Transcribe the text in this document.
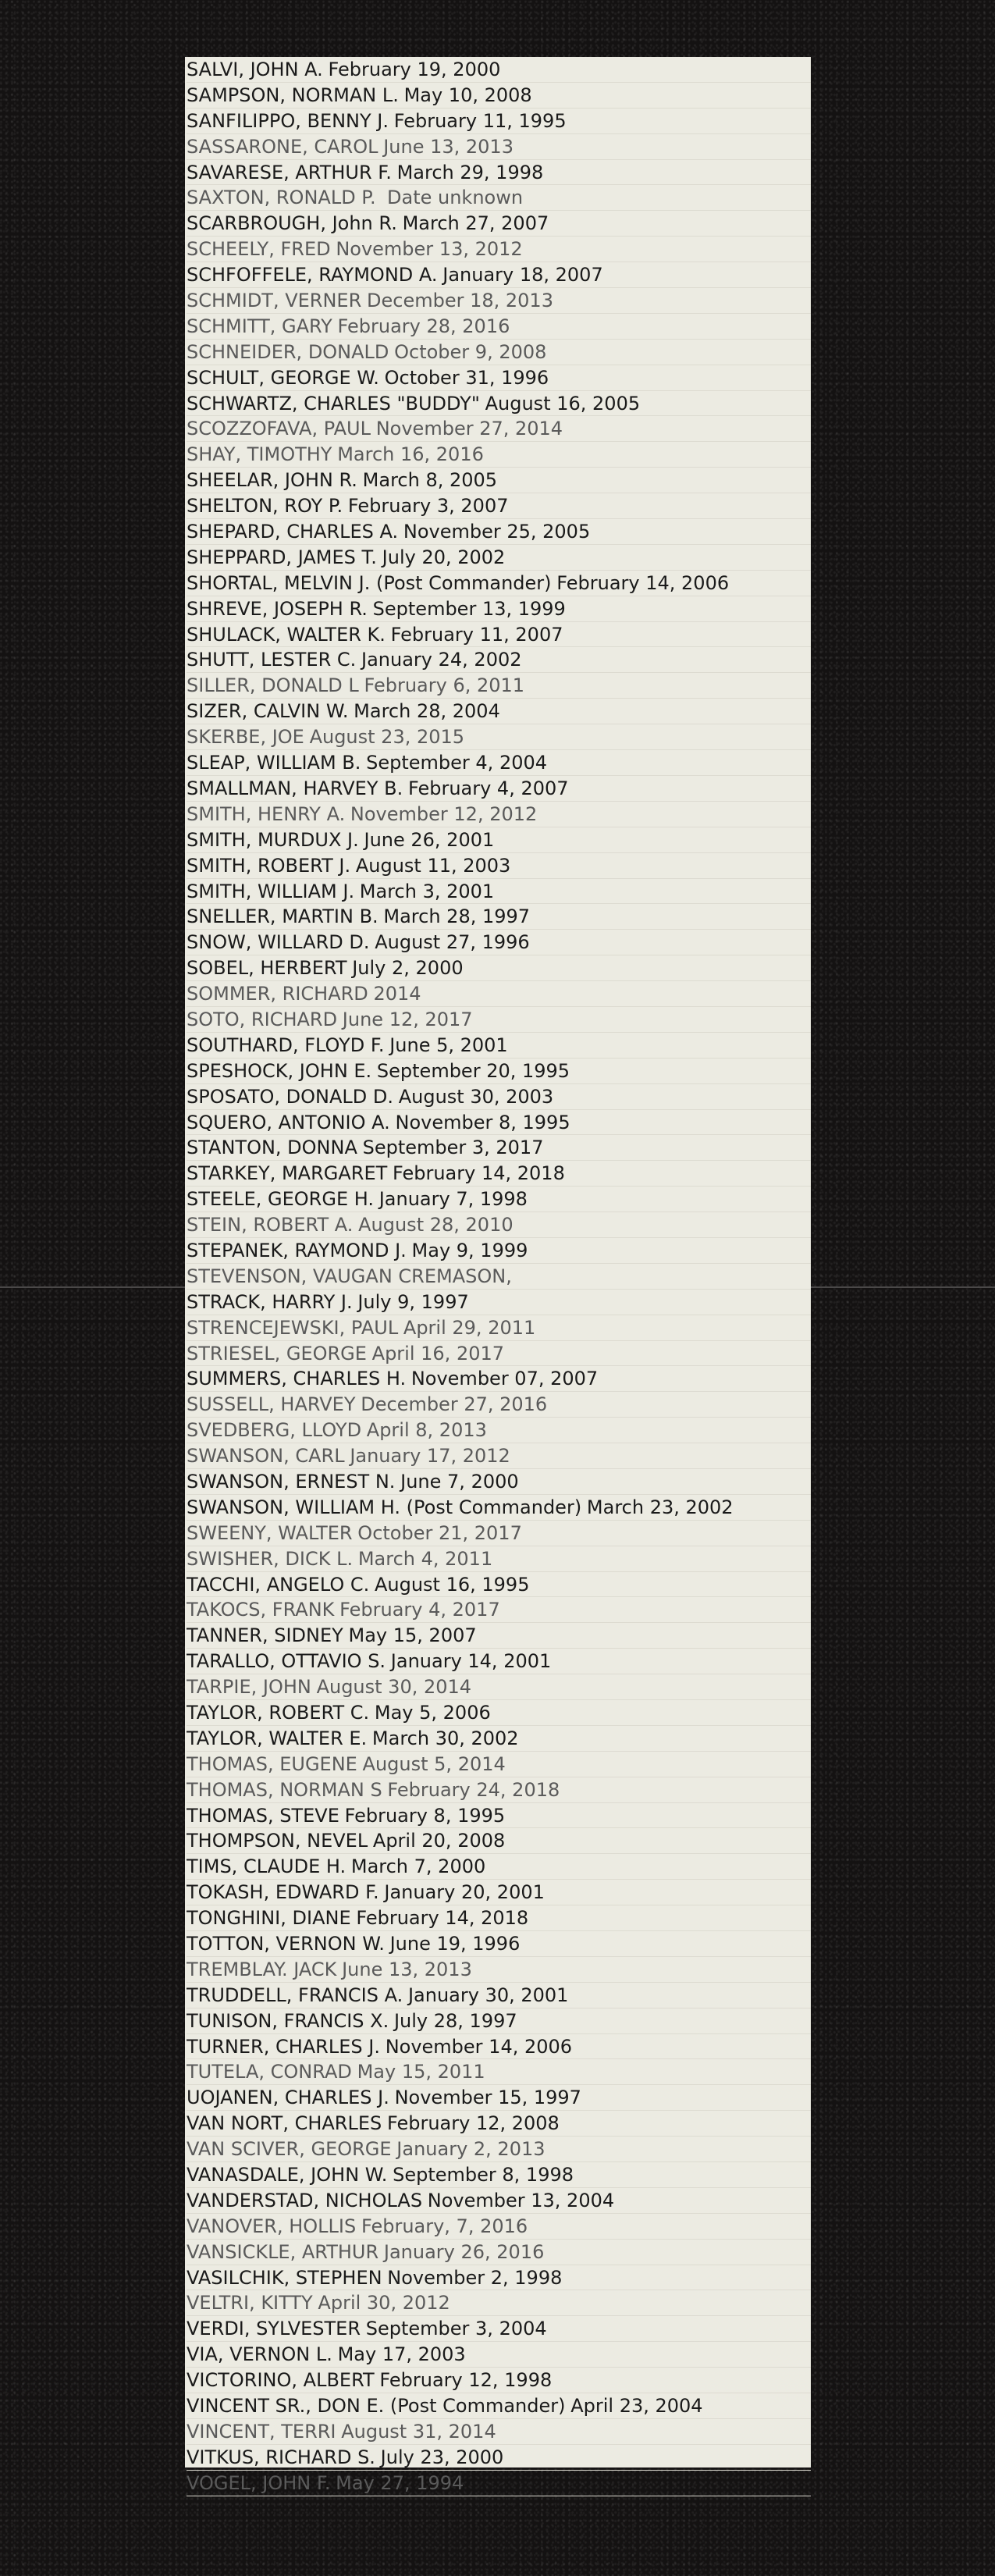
SALVI, JOHN A. February 19, 2000
SAMPSON, NORMAN L. May 10, 2008
SANFILIPPO, BENNY J. February 11, 1995
SASSARONE, CAROL June 13, 2013
SAVARESE, ARTHUR F. March 29, 1998
SAXTON, RONALD P. Date unknown
SCARBROUGH, John R. March 27, 2007
SCHEELY, FRED November 13, 2012
SCHFOFFELE, RAYMOND A. January 18, 2007
SCHMIDT, VERNER December 18, 2013
SCHMITT, GARY February 28, 2016
SCHNEIDER, DONALD October 9, 2008
SCHULT, GEORGE W. October 31, 1996
SCHWARTZ, CHARLES "BUDDY" August 16, 2005
SCOZZOFAVA, PAUL November 27, 2014
SHAY, TIMOTHY March 16, 2016
SHEELAR, JOHN R. March 8, 2005
SHELTON, ROY P. February 3, 2007
SHEPARD, CHARLES A. November 25, 2005
SHEPPARD, JAMES T. July 20, 2002
SHORTAL, MELVIN J. (Post Commander) February 14, 2006
SHREVE, JOSEPH R. September 13, 1999
SHULACK, WALTER K. February 11, 2007
SHUTT, LESTER C. January 24, 2002
SILLER, DONALD L February 6, 2011
SIZER, CALVIN W. March 28, 2004
SKERBE, JOE August 23, 2015
SLEAP, WILLIAM B. September 4, 2004
SMALLMAN, HARVEY B. February 4, 2007
SMITH, HENRY A. November 12, 2012
SMITH, MURDUX J. June 26, 2001
SMITH, ROBERT J. August 11, 2003
SMITH, WILLIAM J. March 3, 2001
SNELLER, MARTIN B. March 28, 1997
SNOW, WILLARD D. August 27, 1996
SOBEL, HERBERT July 2, 2000
SOMMER, RICHARD 2014
SOTO, RICHARD June 12, 2017
SOUTHARD, FLOYD F. June 5, 2001
SPESHOCK, JOHN E. September 20, 1995
SPOSATO, DONALD D. August 30, 2003
SQUERO, ANTONIO A. November 8, 1995
STANTON, DONNA September 3, 2017
STARKEY, MARGARET February 14, 2018
STEELE, GEORGE H. January 7, 1998
STEIN, ROBERT A. August 28, 2010
STEPANEK, RAYMOND J. May 9, 1999
STEVENSON, VAUGAN CREMASON,
STRACK, HARRY J. July 9, 1997
STRENCEJEWSKI, PAUL April 29, 2011
STRIESEL, GEORGE April 16, 2017
SUMMERS, CHARLES H. November 07, 2007
SUSSELL, HARVEY December 27, 2016
SVEDBERG, LLOYD April 8, 2013
SWANSON, CARL January 17, 2012
SWANSON, ERNEST N. June 7, 2000
SWANSON, WILLIAM H. (Post Commander) March 23, 2002
SWEENY, WALTER October 21, 2017
SWISHER, DICK L. March 4, 2011
TACCHI, ANGELO C. August 16, 1995
TAKOCS, FRANK February 4, 2017
TANNER, SIDNEY May 15, 2007
TARALLO, OTTAVIO S. January 14, 2001
TARPIE, JOHN August 30, 2014
TAYLOR, ROBERT C. May 5, 2006
TAYLOR, WALTER E. March 30, 2002
THOMAS, EUGENE August 5, 2014
THOMAS, NORMAN S February 24, 2018
THOMAS, STEVE February 8, 1995
THOMPSON, NEVEL April 20, 2008
TIMS, CLAUDE H. March 7, 2000
TOKASH, EDWARD F. January 20, 2001
TONGHINI, DIANE February 14, 2018
TOTTON, VERNON W. June 19, 1996
TREMBLAY. JACK June 13, 2013
TRUDDELL, FRANCIS A. January 30, 2001
TUNISON, FRANCIS X. July 28, 1997
TURNER, CHARLES J. November 14, 2006
TUTELA, CONRAD May 15, 2011
UOJANEN, CHARLES J. November 15, 1997
VAN NORT, CHARLES February 12, 2008
VAN SCIVER, GEORGE January 2, 2013
VANASDALE, JOHN W. September 8, 1998
VANDERSTAD, NICHOLAS November 13, 2004
VANOVER, HOLLIS February, 7, 2016
VANSICKLE, ARTHUR January 26, 2016
VASILCHIK, STEPHEN November 2, 1998
VELTRI, KITTY April 30, 2012
VERDI, SYLVESTER September 3, 2004
VIA, VERNON L. May 17, 2003
VICTORINO, ALBERT February 12, 1998
VINCENT SR., DON E. (Post Commander) April 23, 2004
VINCENT, TERRI August 31, 2014
VITKUS, RICHARD S. July 23, 2000
VOGEL, JOHN F. May 27, 1994
